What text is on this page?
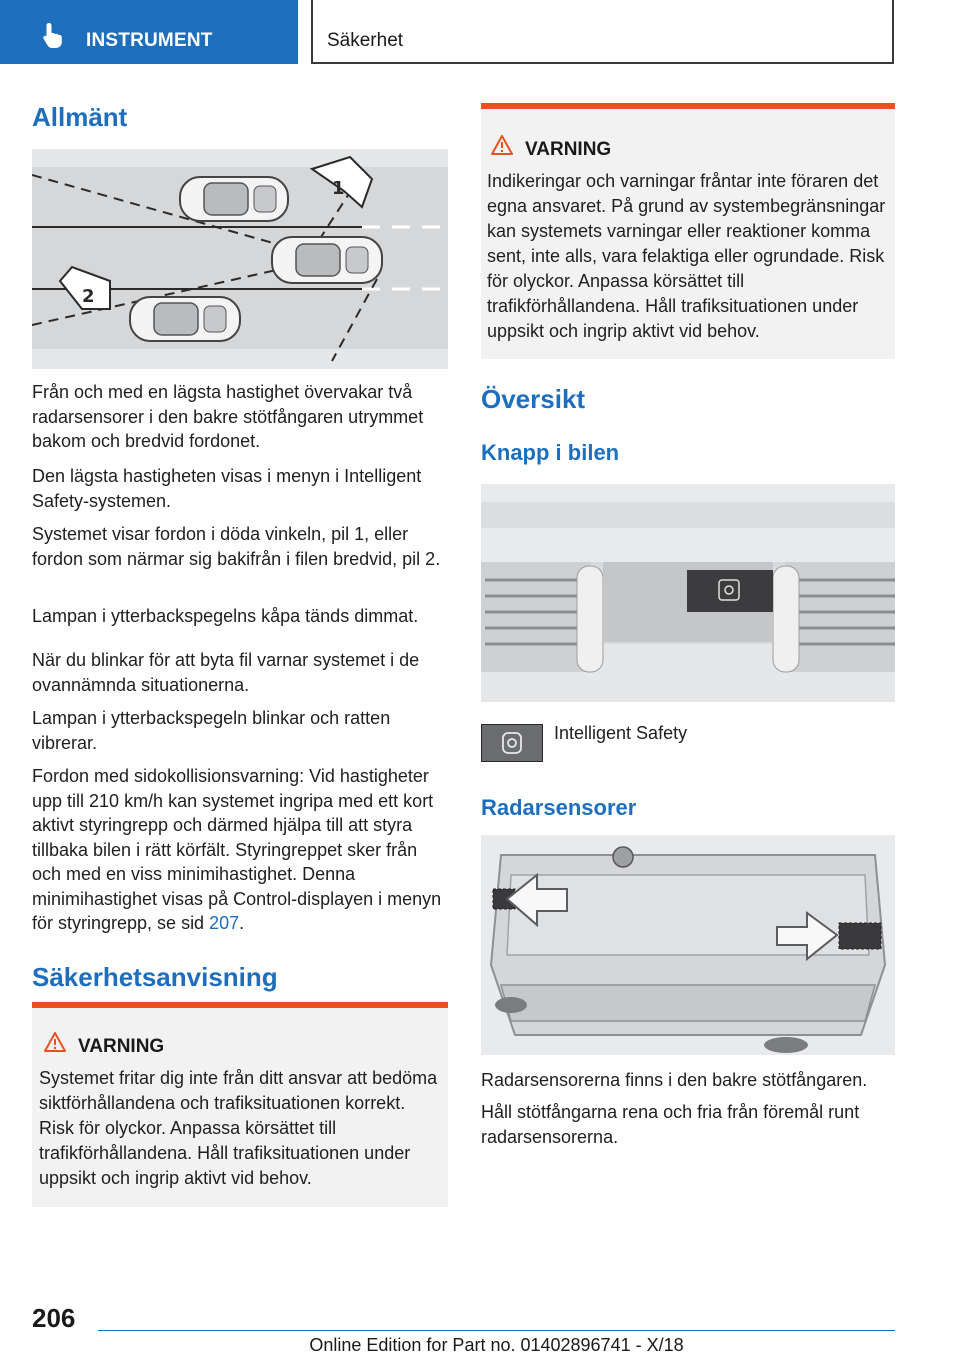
INSTRUMENT	Säkerhet
Allmänt
1
2

Från och med en lägsta hastighet övervakar två radarsensorer i den bakre stötfångaren utrymmet bakom och bredvid fordonet.

Den lägsta hastigheten visas i menyn i Intelligent Safety-systemen.

Systemet visar fordon i döda vinkeln, pil 1, eller fordon som närmar sig bakifrån i filen bredvid, pil 2.

Lampan i ytterbackspegelns kåpa tänds dimmat.

När du blinkar för att byta fil varnar systemet i de ovannämnda situationerna.

Lampan i ytterbackspegeln blinkar och ratten vibrerar.

Fordon med sidokollisionsvarning: Vid hastigheter upp till 210 km/h kan systemet ingripa med ett kort aktivt styringrepp och därmed hjälpa till att styra tillbaka bilen i rätt körfält. Styringreppet sker från och med en viss minimihastighet. Denna minimihastighet visas på Control-displayen i menyn för styringrepp, se sid 207.

Säkerhetsanvisning
VARNING

Systemet fritar dig inte från ditt ansvar att bedöma siktförhållandena och trafiksituationen korrekt. Risk för olyckor. Anpassa körsättet till trafikförhållandena. Håll trafiksituationen under uppsikt och ingrip aktivt vid behov.

VARNING

Indikeringar och varningar fråntar inte föraren det egna ansvaret. På grund av systembegränsningar kan systemets varningar eller reaktioner komma sent, inte alls, vara felaktiga eller ogrundade. Risk för olyckor. Anpassa körsättet till trafikförhållandena. Håll trafiksituationen under uppsikt och ingrip aktivt vid behov.

Översikt
Knapp i bilen
Intelligent Safety
Radarsensorer

Radarsensorerna finns i den bakre stötfångaren.

Håll stötfångarna rena och fria från föremål runt radarsensorerna.

206
Online Edition for Part no. 01402896741 - X/18
